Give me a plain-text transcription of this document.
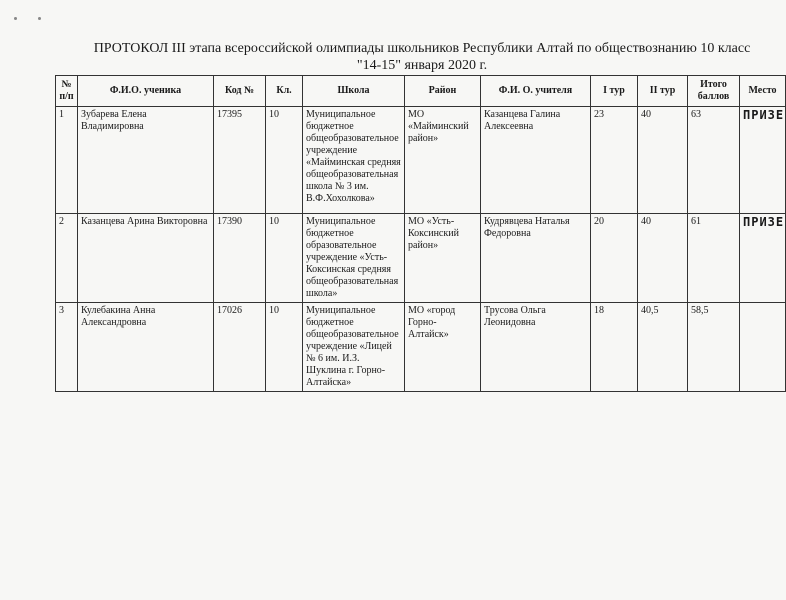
ПРОТОКОЛ III этапа всероссийской олимпиады школьников Республики Алтай по обществознанию 10 класс
"14-15" января 2020 г.
№ п/п	Ф.И.О. ученика	Код №	Кл.	Школа	Район	Ф.И. О. учителя	I тур	II тур	Итого баллов	Место
1	Зубарева Елена Владимировна	17395	10	Муниципальное бюджетное общеобразовательное учреждение «Майминская средняя общеобразовательная школа № 3 им. В.Ф.Хохолкова»	МО «Майминский район»	Казанцева Галина Алексеевна	23	40	63	ПРИЗЕ
2	Казанцева Арина Викторовна	17390	10	Муниципальное бюджетное образовательное учреждение «Усть-Коксинская средняя общеобразовательная школа»	МО «Усть-Коксинский район»	Кудрявцева Наталья Федоровна	20	40	61	ПРИЗЕ
3	Кулебакина Анна Александровна	17026	10	Муниципальное бюджетное общеобразовательное учреждение «Лицей № 6 им. И.З. Шуклина г. Горно-Алтайска»	МО «город Горно-Алтайск»	Трусова Ольга Леонидовна	18	40,5	58,5	
